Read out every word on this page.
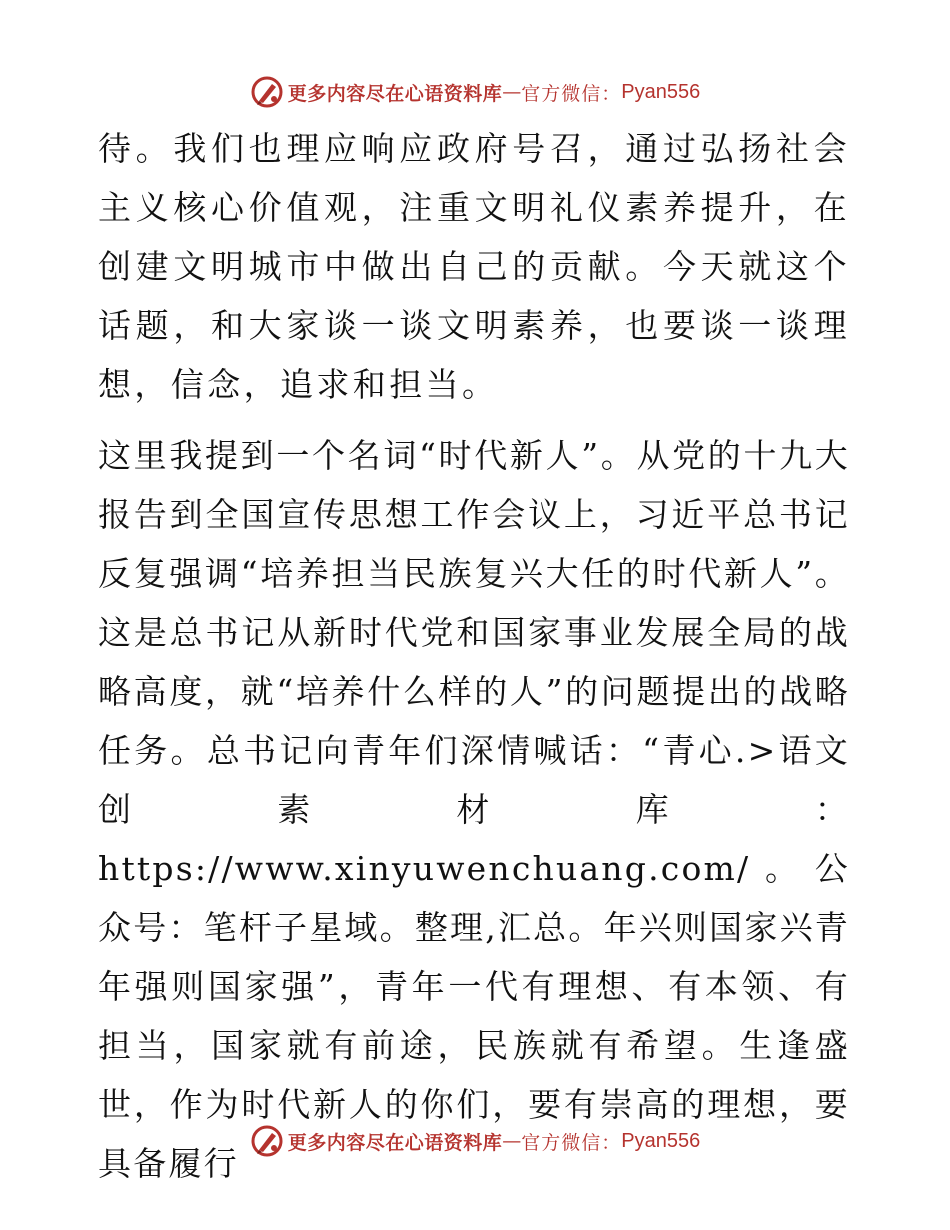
更多内容尽在心语资料库 — 官方微信： Pyan556

待。我们也理应响应政府号召，通过弘扬社会主义核心价值观，注重文明礼仪素养提升，在创建文明城市中做出自己的贡献。今天就这个话题，和大家谈一谈文明素养，也要谈一谈理想，信念，追求和担当。

这里我提到一个名词“时代新人”。从党的十九大报告到全国宣传思想工作会议上，习近平总书记反复强调“培养担当民族复兴大任的时代新人”。这是总书记从新时代党和国家事业发展全局的战略高度，就“培养什么样的人”的问题提出的战略任务。总书记向青年们深情喊话：“青心.>语文创素材库：https://www.xinyuwenchuang.com/。公众号：笔杆子星域。整理,汇总。年兴则国家兴青年强则国家强”，青年一代有理想、有本领、有担当，国家就有前途，民族就有希望。生逢盛世，作为时代新人的你们，要有崇高的理想，要具备履行

更多内容尽在心语资料库 — 官方微信： Pyan556
